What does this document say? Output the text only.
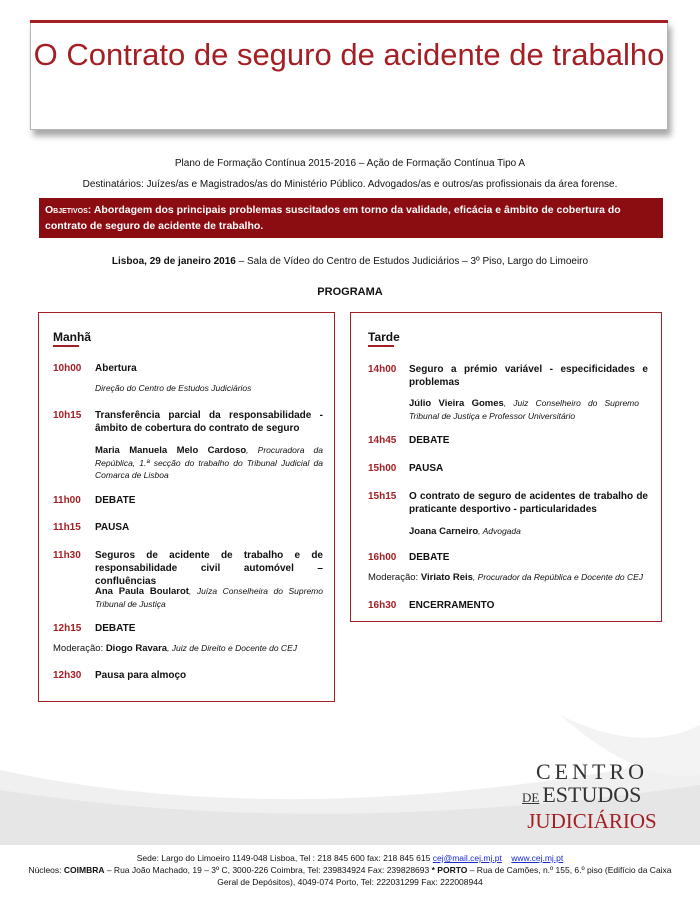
O Contrato de seguro de acidente de trabalho
Plano de Formação Contínua 2015-2016 – Ação de Formação Contínua Tipo A
Destinatários: Juízes/as e Magistrados/as do Ministério Público. Advogados/as e outros/as profissionais da área forense.
Objetivos: Abordagem dos principais problemas suscitados em torno da validade, eficácia e âmbito de cobertura do contrato de seguro de acidente de trabalho.
Lisboa, 29 de janeiro 2016 – Sala de Vídeo do Centro de Estudos Judiciários – 3º Piso, Largo do Limoeiro
PROGRAMA
Manhã
10h00 Abertura
Direção do Centro de Estudos Judiciários
10h15 Transferência parcial da responsabilidade - âmbito de cobertura do contrato de seguro
Maria Manuela Melo Cardoso, Procuradora da República, 1.ª secção do trabalho do Tribunal Judicial da Comarca de Lisboa
11h00 DEBATE
11h15 PAUSA
11h30 Seguros de acidente de trabalho e de responsabilidade civil automóvel – confluências
Ana Paula Boularot, Juíza Conselheira do Supremo Tribunal de Justiça
12h15 DEBATE
Moderação: Diogo Ravara, Juiz de Direito e Docente do CEJ
12h30 Pausa para almoço
Tarde
14h00 Seguro a prémio variável - especificidades e problemas
Júlio Vieira Gomes, Juiz Conselheiro do Supremo Tribunal de Justiça e Professor Universitário
14h45 DEBATE
15h00 PAUSA
15h15 O contrato de seguro de acidentes de trabalho de praticante desportivo - particularidades
Joana Carneiro, Advogada
16h00 DEBATE
Moderação: Viriato Reis, Procurador da República e Docente do CEJ
16h30 ENCERRAMENTO
CENTRO
DE ESTUDOS
JUDICIÁRIOS
Sede: Largo do Limoeiro 1149-048 Lisboa, Tel : 218 845 600 fax: 218 845 615 cej@mail.cej.mj.pt www.cej.mj.pt
Núcleos: COIMBRA – Rua João Machado, 19 – 3º C, 3000-226 Coimbra, Tel: 239834924 Fax: 239828693 * PORTO – Rua de Camões, n.º 155, 6.º piso (Edifício da Caixa
Geral de Depósitos), 4049-074 Porto, Tel: 222031299 Fax: 222008944
